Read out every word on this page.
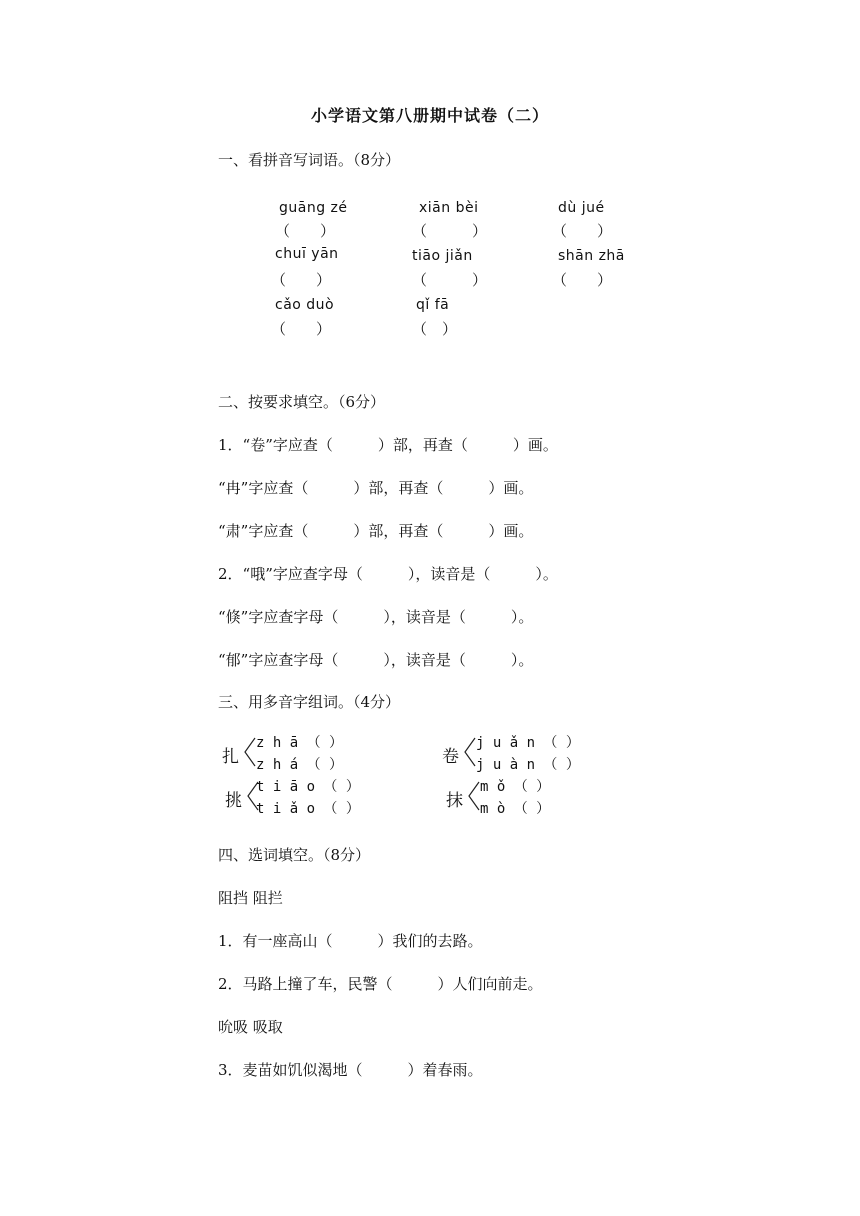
小学语文第八册期中试卷（二）
一、看拼音写词语。（8分）
guāng zé
（　　）
xiān bèi
（　　　）
dù jué
（　　）
chuī yān
（　　）
tiāo jiǎn
（　　　）
shān zhā
（　　）
cǎo duò
（　　）
qǐ fā
（　）
二、按要求填空。（6分）
1．“卷”字应查（　　　）部，再查（　　　）画。
“冉”字应查（　　　）部，再查（　　　）画。
“肃”字应查（　　　）部，再查（　　　）画。
2．“哦”字应查字母（　　　），读音是（　　　）。
“倏”字应查字母（　　　），读音是（　　　）。
“郁”字应查字母（　　　），读音是（　　　）。
三、用多音字组词。（4分）
扎
z h ā （ ）
z h á （ ）
挑
t i ā o （ ）
t i ǎ o （ ）
卷
j u ǎ n （ ）
j u à n （ ）
抹
m ǒ （ ）
m ò （ ）
四、选词填空。（8分）
阻挡 阻拦
1．有一座高山（　　　）我们的去路。
2．马路上撞了车，民警（　　　）人们向前走。
吮吸 吸取
3．麦苗如饥似渴地（　　　）着春雨。
